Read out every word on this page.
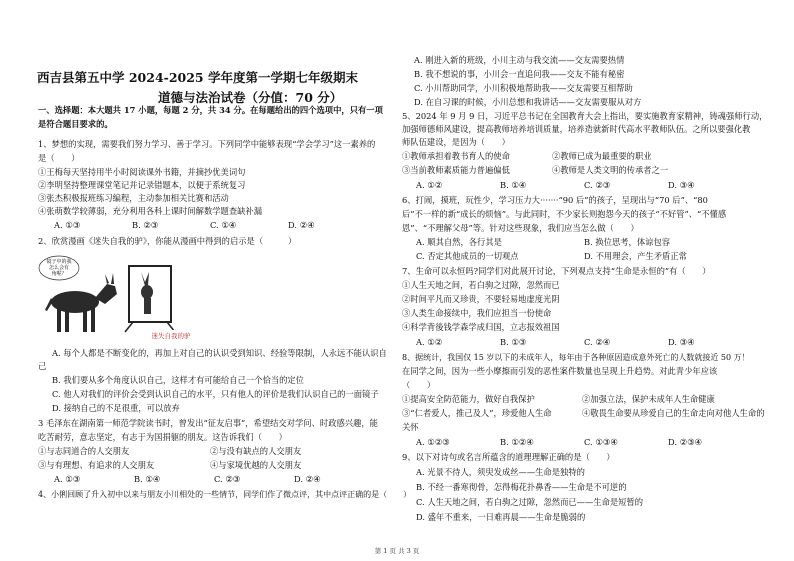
西吉县第五中学 2024-2025 学年度第一学期七年级期末
道德与法治试卷（分值：70 分）
一、选择题：本大题共 17 小题，每题 2 分，共 34 分。在每题给出的四个选项中，只有一项
是符合题目要求的。
1、梦想的实现，需要我们努力学习、善于学习。下列同学中能够表现“学会学习”这一素养的
是（　　）
①王梅每天坚持用半小时阅读课外书籍，并摘抄优美词句
②李明坚持整理课堂笔记并记录错题本，以便于系统复习
③张杰积极报班练习编程，主动参加相关比赛和活动
④张萌数学较薄弱，充分利用各科上课时间解数学题查缺补漏
A. ①③	B. ②③	C. ①④	D. ②④
2、欣赏漫画《迷失自我的驴》，你能从漫画中得到的启示是（　　　）
镜子中的我
怎么会有
角呢？
迷失自我的驴
A. 每个人都是不断变化的，再加上对自己的认识受到知识、经验等限制，人永远不能认识自
己
B. 我们要从多个角度认识自己，这样才有可能给自己一个恰当的定位
C. 他人对我们的评价会受到认识自己的水平，只有他人的评价是我们认识自己的一面镜子
D. 接纳自己的不足很重，可以放弃
3 毛泽东在湖南第一师范学院读书时，曾发出“征友启事”，希望结交对学问、时政感兴趣，能
吃苦耐劳，意志坚定，有志于为国捐躯的朋友。这告诉我们（　　）
①与志同道合的人交朋友	②与没有缺点的人交朋友
③与有理想、有追求的人交朋友	④与家境优越的人交朋友
A. ①③	B. ①④	C. ②③	D. ②④
4、小俐回顾了升入初中以来与朋友小川相处的一些情节，同学们作了微点评，其中点评正确的是（　　）
A. 刚进入新的班级，小川主动与我交流——交友需要热情
B. 我不想说的事，小川会一直追问我——交友不能有秘密
C. 小川帮助同学，小川积极地帮助我——交友需要互相帮助
D. 在自习课的时候，小川总想和我讲话——交友需要服从对方
5、2024 年 9 月 9 日，习近平总书记在全国教育大会上指出，要实施教育家精神，铸魂强师行动，
加强师德师风建设，提高教师培养培训质量，培养造就新时代高水平教师队伍。之所以要强化教
师队伍建设，是因为（　　）
①教师承担着教书育人的使命	②教师已成为最重要的职业
③当前教师素质能力普遍偏低	④教师是人类文明的传承者之一
A. ①②	B. ①④	C. ②③	D. ③④
6、打闹，摸班，玩性少，学习压力大·······“90 后”的孩子，呈现出与“70 后”、“80
后”不一样的新“成长的烦恼”。与此同时，不少家长则抱怨今天的孩子“不好管”、“不懂感
恩”、“不理解父母”等。针对这些现象，我们应当怎么做（　　）
A. 顺其自然，各行其是	B. 换位思考，体谅包容
C. 否定其他成员的一切观点	D. 不用理会，产生矛盾正常
7、生命可以永恒吗?同学们对此展开讨论，下列观点支持“生命是永恒的”有（　　）
①人生天地之间，若白驹之过隙，忽然而已
②时间平凡而又珍贵，不要轻易地虚度光阴
③人类生命接续中，我们应担当一份使命
④科学背後钱学森学成归国，立志报效祖国
A. ①②	B. ①③	C. ②④	D. ③④
8、据统计，我国仅 15 岁以下的未成年人，每年由于各种原因造成意外死亡的人数就接近 50 万！
在同学之间，因为一些小摩擦而引发的恶性案件数量也呈现上升趋势。对此青少年应该
（　　）
①提高安全防范能力，做好自我保护	②加强立法，保护未成年人生命健康
③“仁者爱人，推己及人”，珍爱他人生命	④敬畏生命要从珍爱自己的生命走向对他人生命的
关怀
A. ①②③	B. ①②④	C. ①③④	D. ②③④
9、以下对诗句或名言所蕴含的道理理解正确的是（　　）
A. 光景不待人，须臾发成丝——生命是独特的
B. 不经一番寒彻骨，怎得梅花扑鼻香——生命是不可逆的
C. 人生天地之间，若白驹之过隙，忽然而已——生命是短暂的
D. 盛年不重来，一日难再晨——生命是脆弱的
第 1 页 共 3 页
